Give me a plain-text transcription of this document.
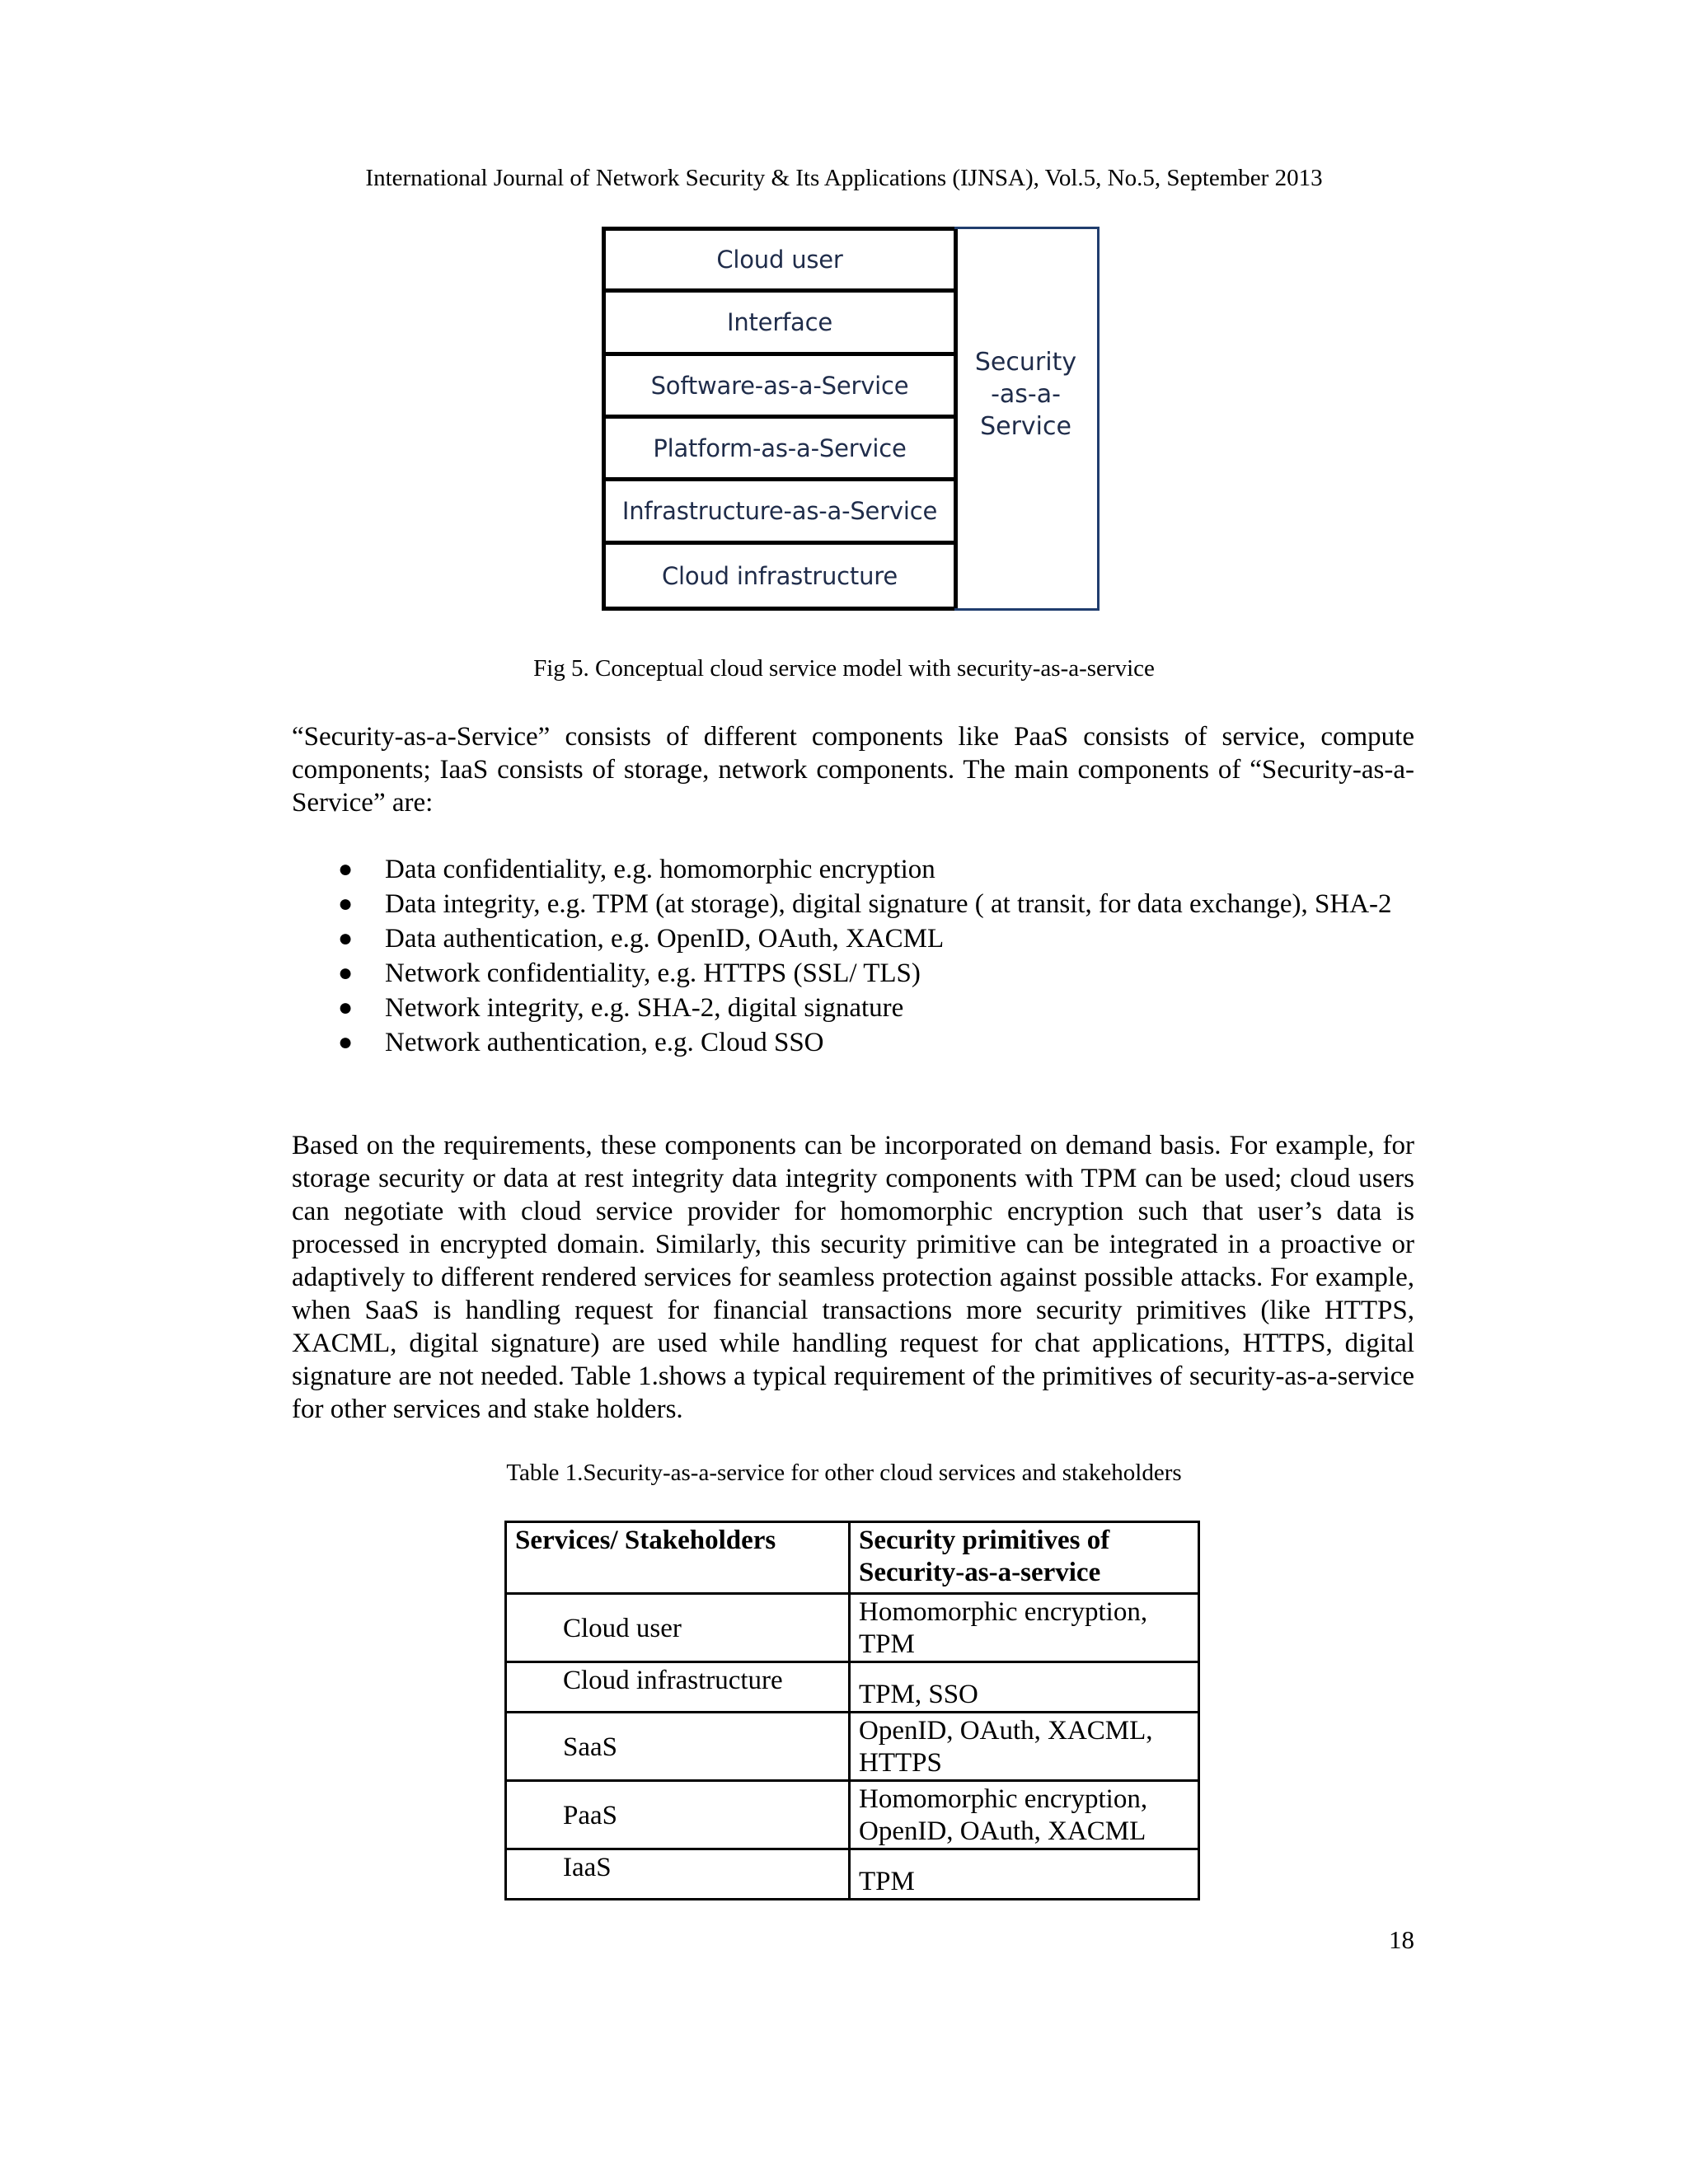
International Journal of Network Security & Its Applications (IJNSA), Vol.5, No.5, September 2013
Cloud user
Interface
Software-as-a-Service
Platform-as-a-Service
Infrastructure-as-a-Service
Cloud infrastructure
Security
-as-a-
Service
Fig 5. Conceptual cloud service model with security-as-a-service
“Security-as-a-Service” consists of different components like PaaS consists of service, compute components; IaaS consists of storage, network components. The main components of “Security-as-a-Service” are:
● Data confidentiality, e.g. homomorphic encryption
● Data integrity, e.g. TPM (at storage), digital signature ( at transit, for data exchange), SHA-2
● Data authentication, e.g. OpenID, OAuth, XACML
● Network confidentiality, e.g. HTTPS (SSL/ TLS)
● Network integrity, e.g. SHA-2, digital signature
● Network authentication, e.g. Cloud SSO
Based on the requirements, these components can be incorporated on demand basis. For example, for storage security or data at rest integrity data integrity components with TPM can be used; cloud users can negotiate with cloud service provider for homomorphic encryption such that user’s data is processed in encrypted domain. Similarly, this security primitive can be integrated in a proactive or adaptively to different rendered services for seamless protection against possible attacks. For example, when SaaS is handling request for financial transactions more security primitives (like HTTPS, XACML, digital signature) are used while handling request for chat applications, HTTPS, digital signature are not needed. Table 1.shows a typical requirement of the primitives of security-as-a-service for other services and stake holders.
Table 1.Security-as-a-service for other cloud services and stakeholders
Services/ Stakeholders	Security primitives of Security-as-a-service
Cloud user	Homomorphic encryption, TPM
Cloud infrastructure	TPM, SSO
SaaS	OpenID, OAuth, XACML, HTTPS
PaaS	Homomorphic encryption, OpenID, OAuth, XACML
IaaS	TPM
18
